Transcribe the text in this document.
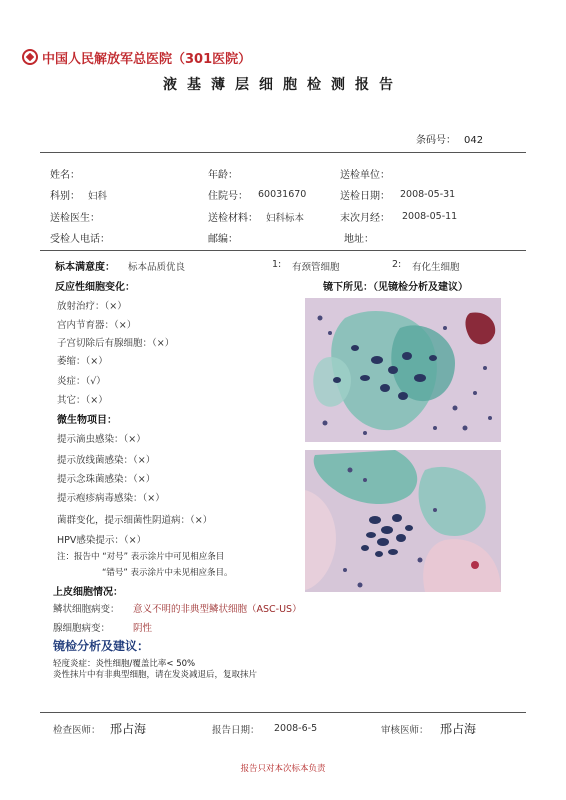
中国人民解放军总医院（301医院）
液基薄层细胞检测报告
条码号： 042
姓名：	年龄：	送检单位：
科别： 妇科	住院号： 60031670	送检日期： 2008-05-31
送检医生：	送检材料： 妇科标本	末次月经： 2008-05-11
受检人电话：	邮编：	地址：
标本满意度： 标本品质优良	1: 有颈管细胞	2: 有化生细胞
反应性细胞变化：	镜下所见：（见镜检分析及建议）
放射治疗：（×）
宫内节育器：（×）
子宫切除后有腺细胞：（×）
萎缩：（×）
炎症：（√）
其它：（×）
微生物项目：
提示滴虫感染：（×）
提示放线菌感染：（×）
提示念珠菌感染：（×）
提示疱疹病毒感染：（×）
菌群变化，提示细菌性阴道病：（×）
HPV感染提示：（×）
注：报告中 “对号” 表示涂片中可见相应条目
“错号” 表示涂片中未见相应条目。
上皮细胞情况：
鳞状细胞病变： 意义不明的非典型鳞状细胞（ASC-US）
腺细胞病变： 阴性
镜检分析及建议：
轻度炎症：炎性细胞/覆盖比率< 50%
炎性抹片中有非典型细胞，请在发炎减退后，复取抹片
检查医师： 邢占海	报告日期： 2008-6-5	审核医师： 邢占海
报告只对本次标本负责
